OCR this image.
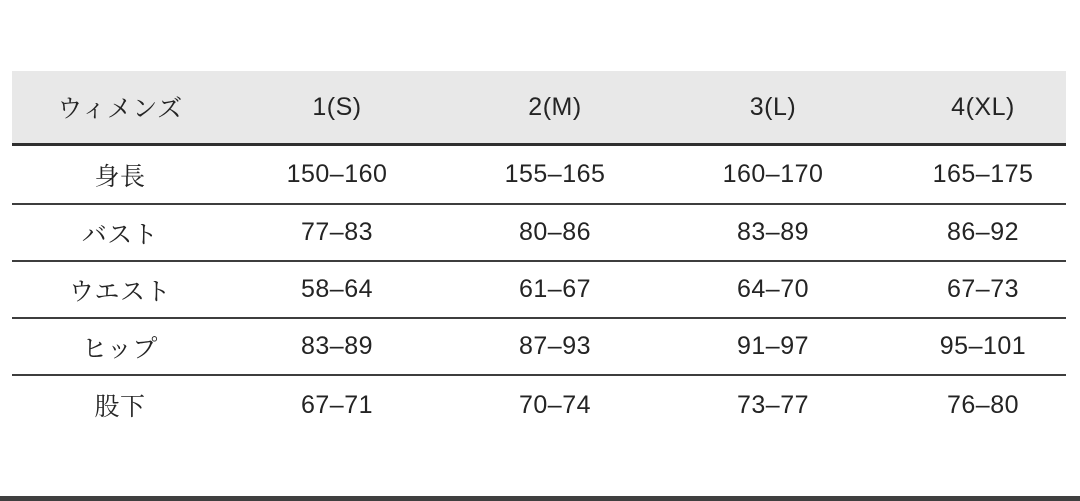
ウィメンズ	1(S)	2(M)	3(L)	4(XL)
身長	150–160	155–165	160–170	165–175
バスト	77–83	80–86	83–89	86–92
ウエスト	58–64	61–67	64–70	67–73
ヒップ	83–89	87–93	91–97	95–101
股下	67–71	70–74	73–77	76–80
